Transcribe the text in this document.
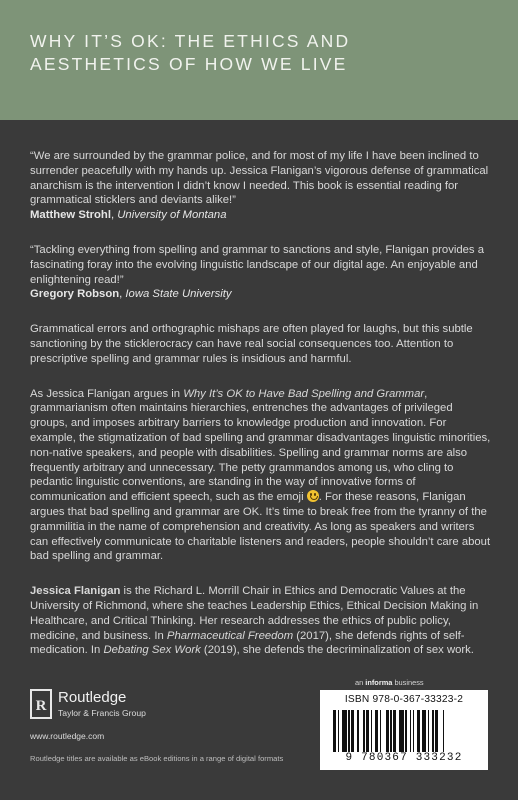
WHY IT’S OK: THE ETHICS AND
AESTHETICS OF HOW WE LIVE
“We are surrounded by the grammar police, and for most of my life I have been inclined to surrender peacefully with my hands up. Jessica Flanigan’s vigorous defense of grammatical anarchism is the intervention I didn’t know I needed. This book is essential reading for grammatical sticklers and deviants alike!”
Matthew Strohl, University of Montana
“Tackling everything from spelling and grammar to sanctions and style, Flanigan provides a fascinating foray into the evolving linguistic landscape of our digital age. An enjoyable and enlightening read!”
Gregory Robson, Iowa State University
Grammatical errors and orthographic mishaps are often played for laughs, but this subtle sanctioning by the sticklerocracy can have real social consequences too. Attention to prescriptive spelling and grammar rules is insidious and harmful.
As Jessica Flanigan argues in Why It’s OK to Have Bad Spelling and Grammar, grammarianism often maintains hierarchies, entrenches the advantages of privileged groups, and imposes arbitrary barriers to knowledge production and innovation. For example, the stigmatization of bad spelling and grammar disadvantages linguistic minorities, non-native speakers, and people with disabilities. Spelling and grammar norms are also frequently arbitrary and unnecessary. The petty grammandos among us, who cling to pedantic linguistic conventions, are standing in the way of innovative forms of communication and efficient speech, such as the emoji
. For these reasons, Flanigan argues that bad spelling and grammar are OK. It’s time to break free from the tyranny of the grammilitia in the name of comprehension and creativity. As long as speakers and writers can effectively communicate to charitable listeners and readers, people shouldn’t care about bad spelling and grammar.
Jessica Flanigan is the Richard L. Morrill Chair in Ethics and Democratic Values at the University of Richmond, where she teaches Leadership Ethics, Ethical Decision Making in Healthcare, and Critical Thinking. Her research addresses the ethics of public policy, medicine, and business. In Pharmaceutical Freedom (2017), she defends rights of self-medication. In Debating Sex Work (2019), she defends the decriminalization of sex work.
R Routledge
Taylor & Francis Group
www.routledge.com
Routledge titles are available as eBook editions in a range of digital formats
an informa business
ISBN 978-0-367-33323-2
9 780367 333232
